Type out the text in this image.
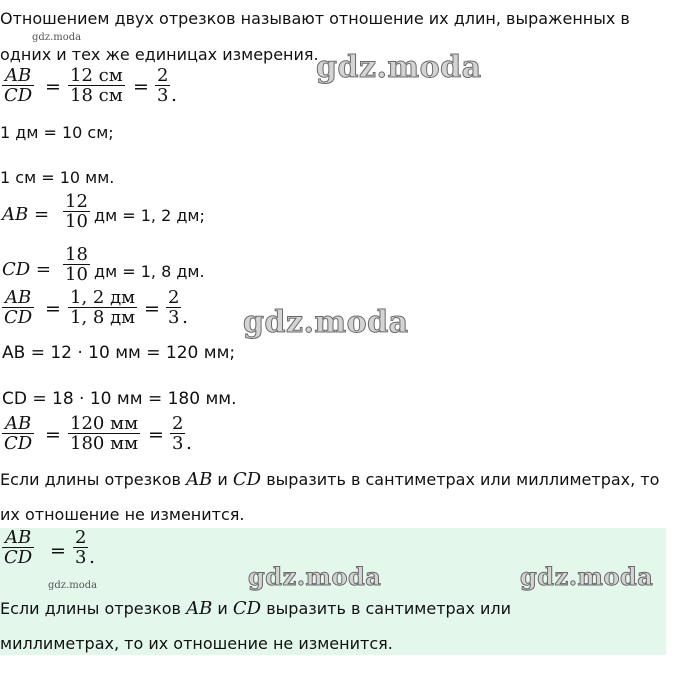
Отношением двух отрезков называют отношение их длин, выраженных в
gdz.moda
одних и тех же единицах измерения.
gdz.moda
$\frac{AB}{CD}$ =
12 см
18 см = $\frac{2}{3}$ .
1 дм = 10 см;
1 см = 10 мм.
AB = $\frac{12}{10}$ дм = 1, 2 дм;
CD = $\frac{18}{10}$ дм = 1, 8 дм.
$\frac{AB}{CD}$ =
1, 2 дм
1, 8 дм = $\frac{2}{3}$ . gdz.moda
AB = 12 · 10 мм = 120 мм;
CD = 18 · 10 мм = 180 мм.
$\frac{AB}{CD}$ =
120 мм
180 мм = $\frac{2}{3}$ .
Если длины отрезков AB и CD выразить в сантиметрах или миллиметрах, то
их отношение не изменится.
$\frac{AB}{CD} = \frac{2}{3}$ .
gdz.moda	gdz.moda	gdz.moda
Если длины отрезков AB и CD выразить в сантиметрах или
миллиметрах, то их отношение не изменится.
